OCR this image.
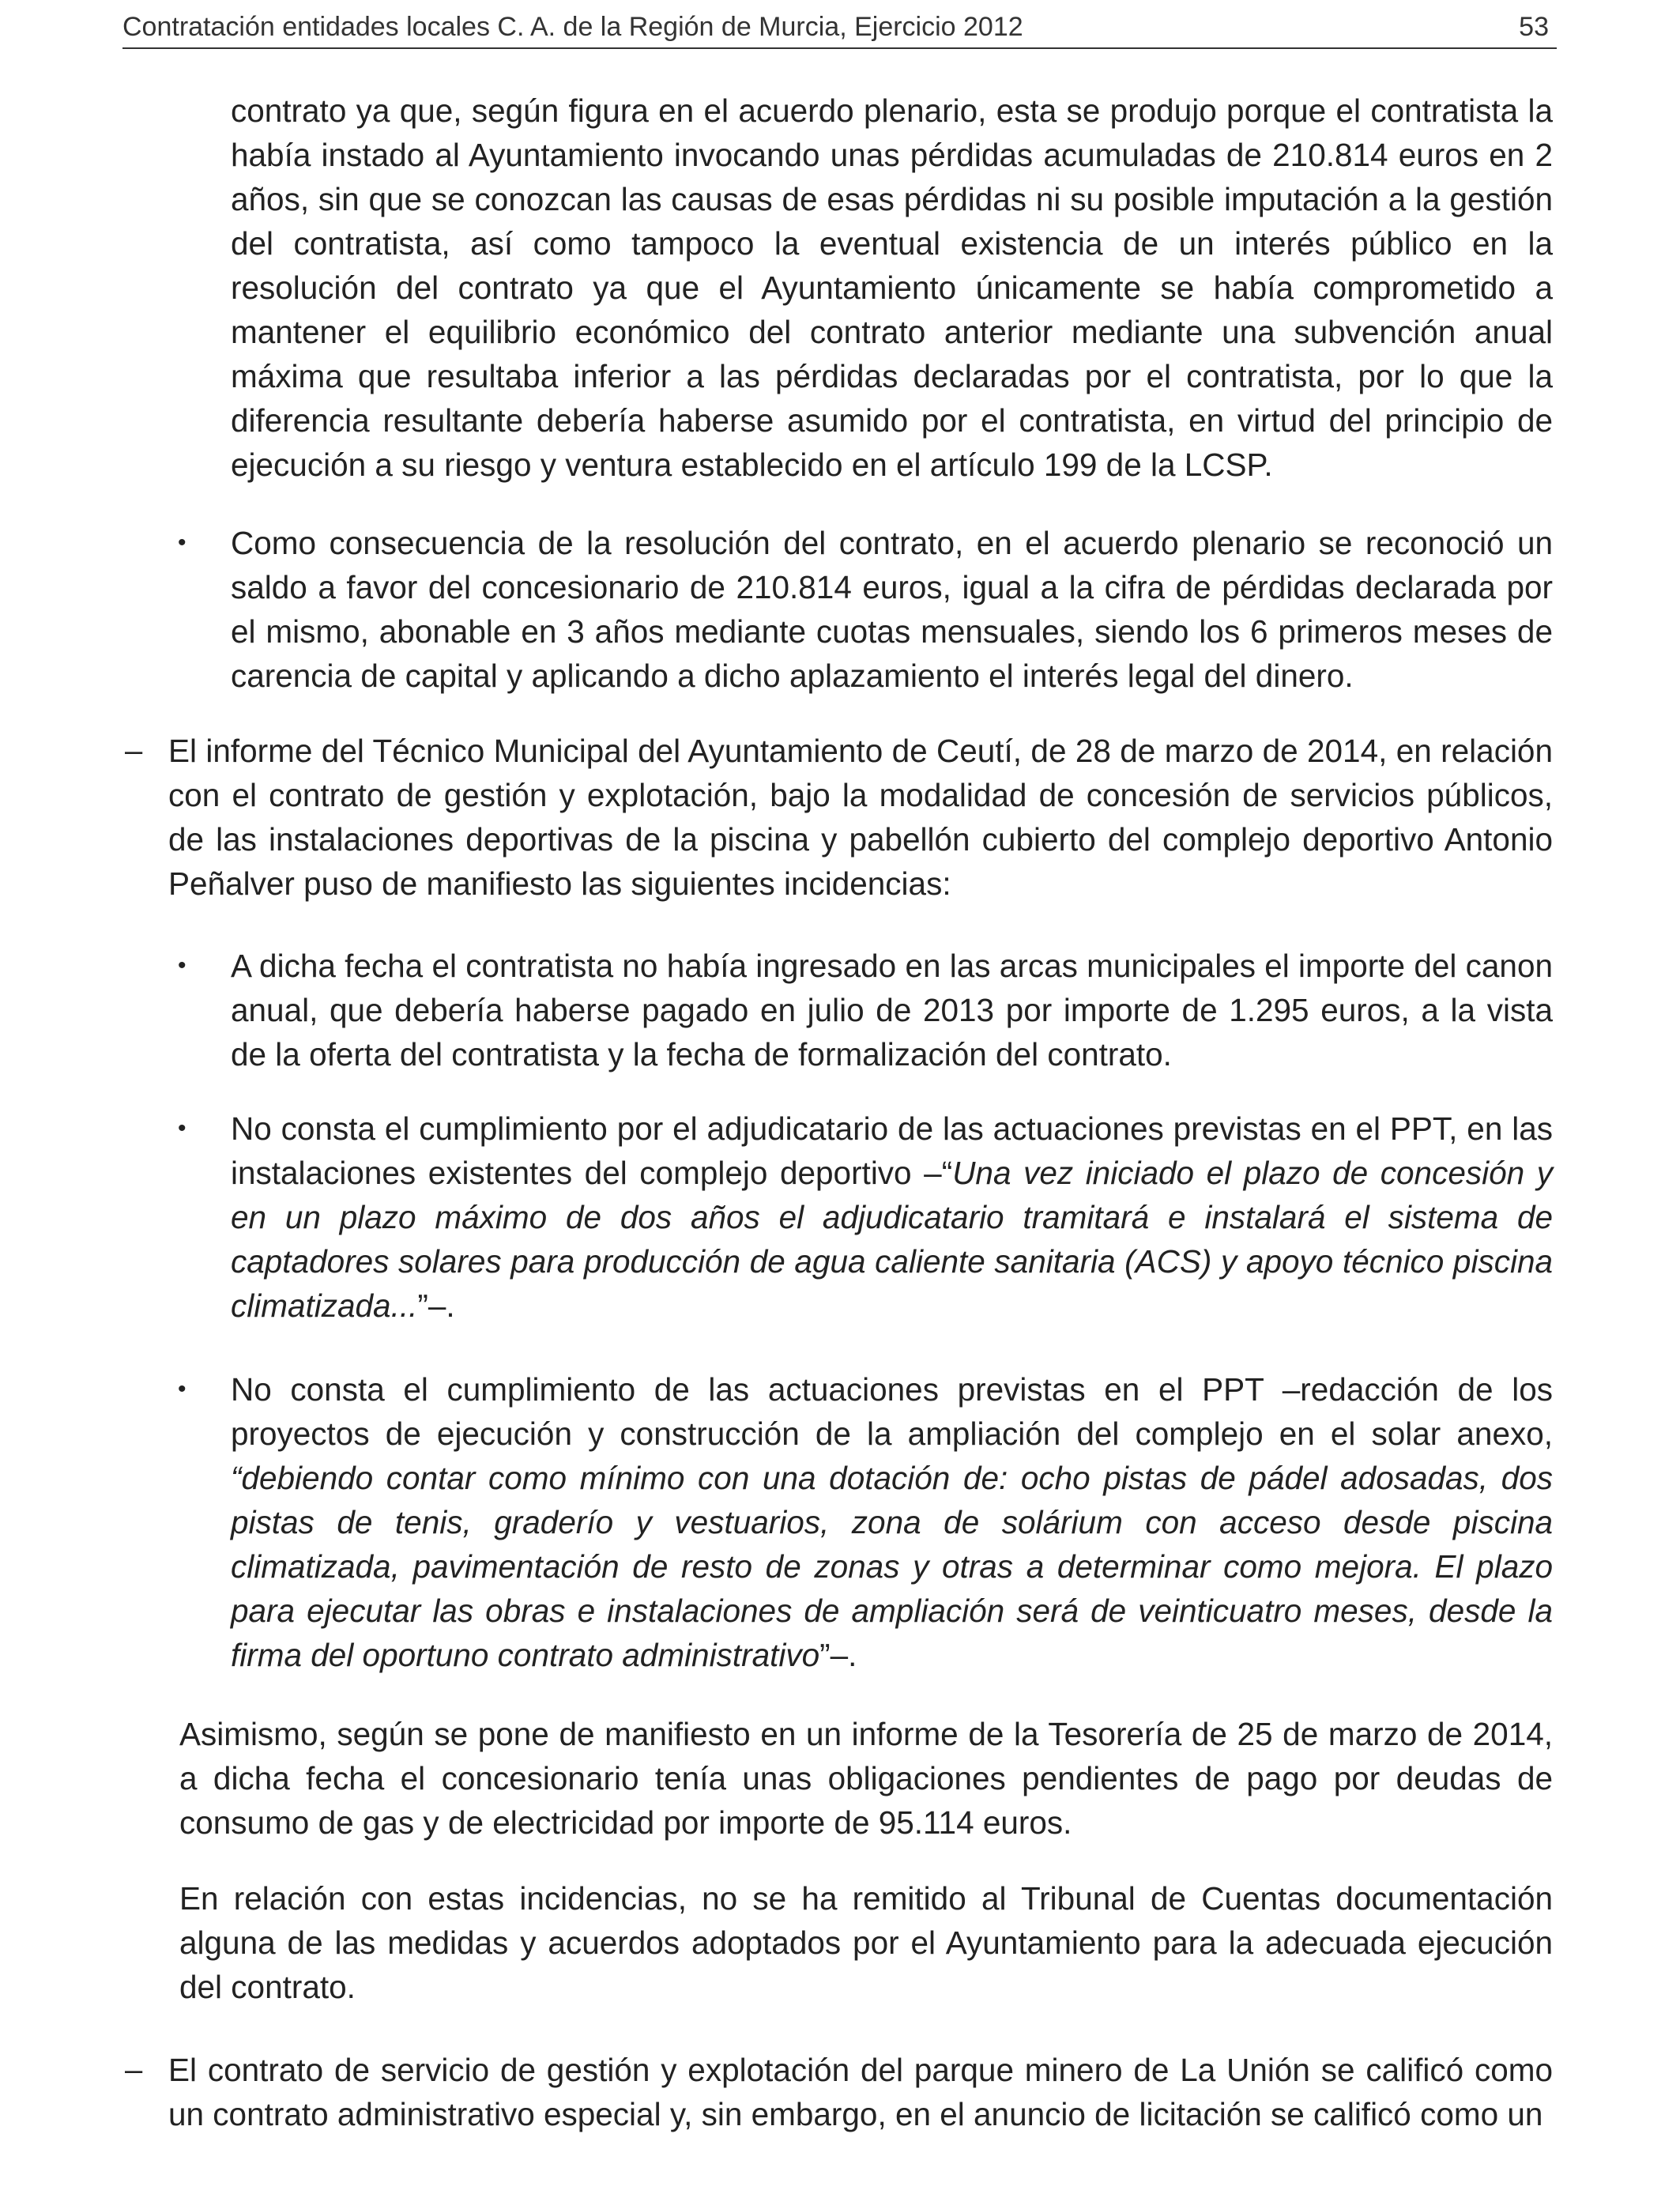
Contratación entidades locales C. A. de la Región de Murcia, Ejercicio 2012	53

contrato ya que, según figura en el acuerdo plenario, esta se produjo porque el contratista la había instado al Ayuntamiento invocando unas pérdidas acumuladas de 210.814 euros en 2 años, sin que se conozcan las causas de esas pérdidas ni su posible imputación a la gestión del contratista, así como tampoco la eventual existencia de un interés público en la resolución del contrato ya que el Ayuntamiento únicamente se había comprometido a mantener el equilibrio económico del contrato anterior mediante una subvención anual máxima que resultaba inferior a las pérdidas declaradas por el contratista, por lo que la diferencia resultante debería haberse asumido por el contratista, en virtud del principio de ejecución a su riesgo y ventura establecido en el artículo 199 de la LCSP.

• Como consecuencia de la resolución del contrato, en el acuerdo plenario se reconoció un saldo a favor del concesionario de 210.814 euros, igual a la cifra de pérdidas declarada por el mismo, abonable en 3 años mediante cuotas mensuales, siendo los 6 primeros meses de carencia de capital y aplicando a dicho aplazamiento el interés legal del dinero.

– El informe del Técnico Municipal del Ayuntamiento de Ceutí, de 28 de marzo de 2014, en relación con el contrato de gestión y explotación, bajo la modalidad de concesión de servicios públicos, de las instalaciones deportivas de la piscina y pabellón cubierto del complejo deportivo Antonio Peñalver puso de manifiesto las siguientes incidencias:

• A dicha fecha el contratista no había ingresado en las arcas municipales el importe del canon anual, que debería haberse pagado en julio de 2013 por importe de 1.295 euros, a la vista de la oferta del contratista y la fecha de formalización del contrato.

• No consta el cumplimiento por el adjudicatario de las actuaciones previstas en el PPT, en las instalaciones existentes del complejo deportivo –“Una vez iniciado el plazo de concesión y en un plazo máximo de dos años el adjudicatario tramitará e instalará el sistema de captadores solares para producción de agua caliente sanitaria (ACS) y apoyo técnico piscina climatizada...”–.

• No consta el cumplimiento de las actuaciones previstas en el PPT –redacción de los proyectos de ejecución y construcción de la ampliación del complejo en el solar anexo, “debiendo contar como mínimo con una dotación de: ocho pistas de pádel adosadas, dos pistas de tenis, graderío y vestuarios, zona de solárium con acceso desde piscina climatizada, pavimentación de resto de zonas y otras a determinar como mejora. El plazo para ejecutar las obras e instalaciones de ampliación será de veinticuatro meses, desde la firma del oportuno contrato administrativo”–.

Asimismo, según se pone de manifiesto en un informe de la Tesorería de 25 de marzo de 2014, a dicha fecha el concesionario tenía unas obligaciones pendientes de pago por deudas de consumo de gas y de electricidad por importe de 95.114 euros.

En relación con estas incidencias, no se ha remitido al Tribunal de Cuentas documentación alguna de las medidas y acuerdos adoptados por el Ayuntamiento para la adecuada ejecución del contrato.

– El contrato de servicio de gestión y explotación del parque minero de La Unión se calificó como un contrato administrativo especial y, sin embargo, en el anuncio de licitación se calificó como un
